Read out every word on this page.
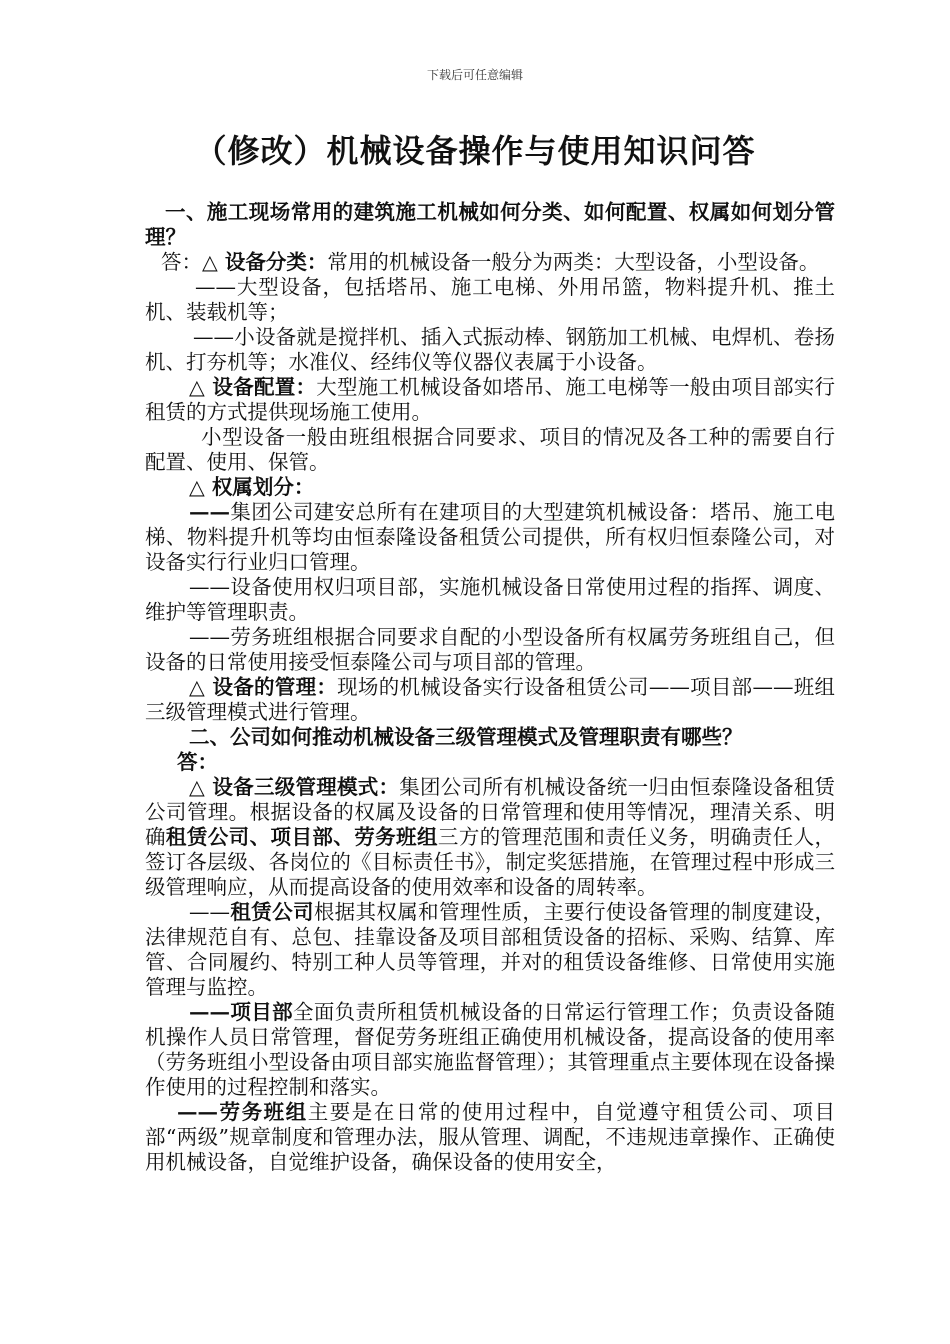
下载后可任意编辑
（修改）机械设备操作与使用知识问答

一、施工现场常用的建筑施工机械如何分类、如何配置、权属如何划分管理？

答：△ 设备分类：常用的机械设备一般分为两类：大型设备，小型设备。

——大型设备，包括塔吊、施工电梯、外用吊篮，物料提升机、推土机、装载机等；

——小设备就是搅拌机、插入式振动棒、钢筋加工机械、电焊机、卷扬机、打夯机等；水准仪、经纬仪等仪器仪表属于小设备。

△ 设备配置：大型施工机械设备如塔吊、施工电梯等一般由项目部实行租赁的方式提供现场施工使用。

小型设备一般由班组根据合同要求、项目的情况及各工种的需要自行配置、使用、保管。

△ 权属划分：

——集团公司建安总所有在建项目的大型建筑机械设备：塔吊、施工电梯、物料提升机等均由恒泰隆设备租赁公司提供，所有权归恒泰隆公司，对设备实行行业归口管理。

——设备使用权归项目部，实施机械设备日常使用过程的指挥、调度、维护等管理职责。

——劳务班组根据合同要求自配的小型设备所有权属劳务班组自己，但设备的日常使用接受恒泰隆公司与项目部的管理。

△ 设备的管理：现场的机械设备实行设备租赁公司——项目部——班组三级管理模式进行管理。

二、公司如何推动机械设备三级管理模式及管理职责有哪些？

答：

△ 设备三级管理模式：集团公司所有机械设备统一归由恒泰隆设备租赁公司管理。根据设备的权属及设备的日常管理和使用等情况，理清关系、明确租赁公司、项目部、劳务班组三方的管理范围和责任义务，明确责任人，签订各层级、各岗位的《目标责任书》，制定奖惩措施，在管理过程中形成三级管理响应，从而提高设备的使用效率和设备的周转率。

——租赁公司根据其权属和管理性质，主要行使设备管理的制度建设，法律规范自有、总包、挂靠设备及项目部租赁设备的招标、采购、结算、库管、合同履约、特别工种人员等管理，并对的租赁设备维修、日常使用实施管理与监控。

——项目部全面负责所租赁机械设备的日常运行管理工作；负责设备随机操作人员日常管理，督促劳务班组正确使用机械设备，提高设备的使用率（劳务班组小型设备由项目部实施监督管理）；其管理重点主要体现在设备操作使用的过程控制和落实。

——劳务班组主要是在日常的使用过程中，自觉遵守租赁公司、项目部“两级”规章制度和管理办法，服从管理、调配，不违规违章操作、正确使用机械设备，自觉维护设备，确保设备的使用安全，
